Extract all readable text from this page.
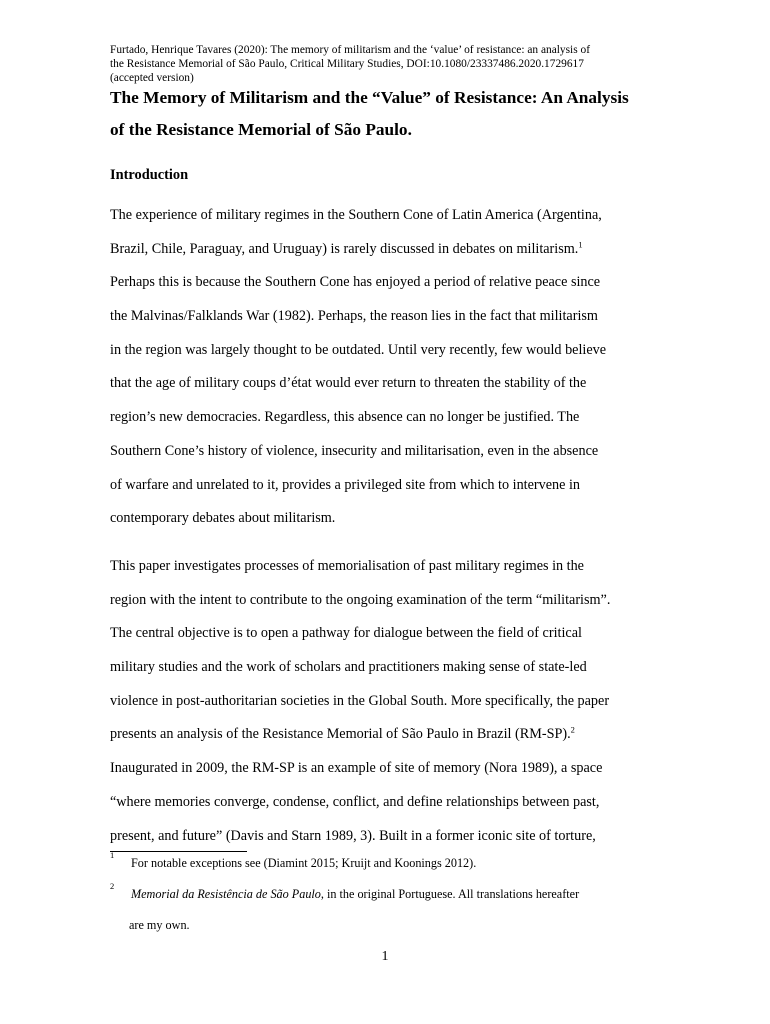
Furtado, Henrique Tavares (2020): The memory of militarism and the ‘value’ of resistance: an analysis of
the Resistance Memorial of São Paulo, Critical Military Studies, DOI:10.1080/23337486.2020.1729617
(accepted version)
The Memory of Militarism and the “Value” of Resistance: An Analysis
of the Resistance Memorial of São Paulo.
Introduction
The experience of military regimes in the Southern Cone of Latin America (Argentina,
Brazil, Chile, Paraguay, and Uruguay) is rarely discussed in debates on militarism.$^1$
Perhaps this is because the Southern Cone has enjoyed a period of relative peace since
the Malvinas/Falklands War (1982). Perhaps, the reason lies in the fact that militarism
in the region was largely thought to be outdated. Until very recently, few would believe
that the age of military coups d’état would ever return to threaten the stability of the
region’s new democracies. Regardless, this absence can no longer be justified. The
Southern Cone’s history of violence, insecurity and militarisation, even in the absence
of warfare and unrelated to it, provides a privileged site from which to intervene in
contemporary debates about militarism.
This paper investigates processes of memorialisation of past military regimes in the
region with the intent to contribute to the ongoing examination of the term “militarism”.
The central objective is to open a pathway for dialogue between the field of critical
military studies and the work of scholars and practitioners making sense of state-led
violence in post-authoritarian societies in the Global South. More specifically, the paper
presents an analysis of the Resistance Memorial of São Paulo in Brazil (RM-SP).$^2$
Inaugurated in 2009, the RM-SP is an example of site of memory (Nora 1989), a space
“where memories converge, condense, conflict, and define relationships between past,
present, and future” (Davis and Starn 1989, 3). Built in a former iconic site of torture,
1
For notable exceptions see (Diamint 2015; Kruijt and Koonings 2012).
2
Memorial da Resistência de São Paulo, in the original Portuguese. All translations hereafter
are my own.
1
